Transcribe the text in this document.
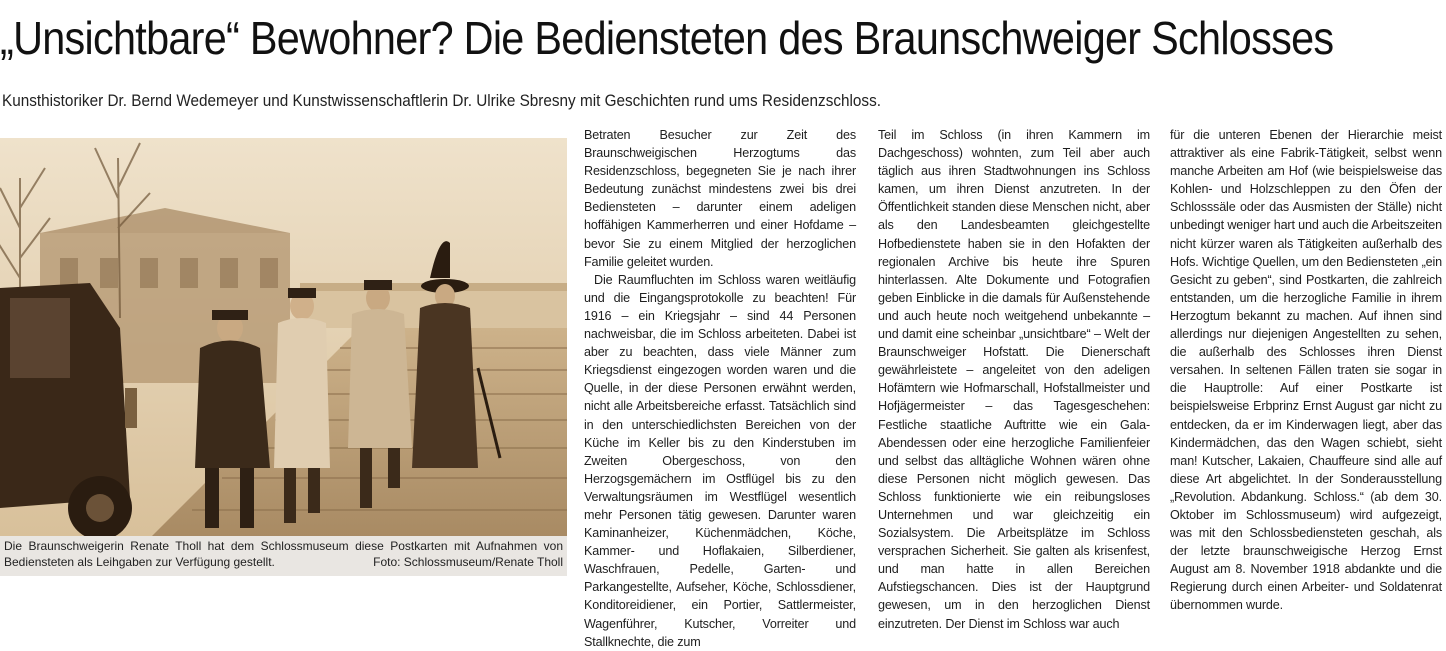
„Unsichtbare“ Bewohner? Die Bediensteten des Braunschweiger Schlosses

Kunsthistoriker Dr. Bernd Wedemeyer und Kunstwissenschaftlerin Dr. Ulrike Sbresny mit Geschichten rund ums Residenzschloss.

Die Braunschweigerin Renate Tholl hat dem Schlossmuseum diese Postkarten mit Aufnahmen von Bediensteten als Leihgaben zur Verfügung gestellt.	Foto: Schlossmuseum/Renate Tholl

Betraten Besucher zur Zeit des Braunschweigischen Herzogtums das Residenzschloss, begegneten Sie je nach ihrer Bedeutung zunächst mindestens zwei bis drei Bediensteten – darunter einem adeligen hoffähigen Kammerherren und einer Hofdame – bevor Sie zu einem Mitglied der herzoglichen Familie geleitet wurden.

Die Raumfluchten im Schloss waren weitläufig und die Eingangsprotokolle zu beachten! Für 1916 – ein Kriegsjahr – sind 44 Personen nachweisbar, die im Schloss arbeiteten. Dabei ist aber zu beachten, dass viele Männer zum Kriegsdienst eingezogen worden waren und die Quelle, in der diese Personen erwähnt werden, nicht alle Arbeitsbereiche erfasst. Tatsächlich sind in den unterschiedlichsten Bereichen von der Küche im Keller bis zu den Kinderstuben im Zweiten Obergeschoss, von den Herzogsgemächern im Ostflügel bis zu den Verwaltungsräumen im Westflügel wesentlich mehr Personen tätig gewesen. Darunter waren Kaminanheizer, Küchenmädchen, Köche, Kammer- und Hoflakaien, Silberdiener, Waschfrauen, Pedelle, Garten- und Parkangestellte, Aufseher, Köche, Schlossdiener, Konditoreidiener, ein Portier, Sattlermeister, Wagenführer, Kutscher, Vorreiter und Stallknechte, die zum

Teil im Schloss (in ihren Kammern im Dachgeschoss) wohnten, zum Teil aber auch täglich aus ihren Stadtwohnungen ins Schloss kamen, um ihren Dienst anzutreten. In der Öffentlichkeit standen diese Menschen nicht, aber als den Landesbeamten gleichgestellte Hofbedienstete haben sie in den Hofakten der regionalen Archive bis heute ihre Spuren hinterlassen. Alte Dokumente und Fotografien geben Einblicke in die damals für Außenstehende und auch heute noch weitgehend unbekannte – und damit eine scheinbar „unsichtbare“ – Welt der Braunschweiger Hofstatt. Die Dienerschaft gewährleistete – angeleitet von den adeligen Hofämtern wie Hofmarschall, Hofstallmeister und Hofjägermeister – das Tagesgeschehen: Festliche staatliche Auftritte wie ein Gala-Abendessen oder eine herzogliche Familienfeier und selbst das alltägliche Wohnen wären ohne diese Personen nicht möglich gewesen. Das Schloss funktionierte wie ein reibungsloses Unternehmen und war gleichzeitig ein Sozialsystem. Die Arbeitsplätze im Schloss versprachen Sicherheit. Sie galten als krisenfest, und man hatte in allen Bereichen Aufstiegschancen. Dies ist der Hauptgrund gewesen, um in den herzoglichen Dienst einzutreten. Der Dienst im Schloss war auch

für die unteren Ebenen der Hierarchie meist attraktiver als eine Fabrik-Tätigkeit, selbst wenn manche Arbeiten am Hof (wie beispielsweise das Kohlen- und Holzschleppen zu den Öfen der Schlosssäle oder das Ausmisten der Ställe) nicht unbedingt weniger hart und auch die Arbeitszeiten nicht kürzer waren als Tätigkeiten außerhalb des Hofs. Wichtige Quellen, um den Bediensteten „ein Gesicht zu geben“, sind Postkarten, die zahlreich entstanden, um die herzogliche Familie in ihrem Herzogtum bekannt zu machen. Auf ihnen sind allerdings nur diejenigen Angestellten zu sehen, die außerhalb des Schlosses ihren Dienst versahen. In seltenen Fällen traten sie sogar in die Hauptrolle: Auf einer Postkarte ist beispielsweise Erbprinz Ernst August gar nicht zu entdecken, da er im Kinderwagen liegt, aber das Kindermädchen, das den Wagen schiebt, sieht man! Kutscher, Lakaien, Chauffeure sind alle auf diese Art abgelichtet. In der Sonderausstellung „Revolution. Abdankung. Schloss.“ (ab dem 30. Oktober im Schlossmuseum) wird aufgezeigt, was mit den Schlossbediensteten geschah, als der letzte braunschweigische Herzog Ernst August am 8. November 1918 abdankte und die Regierung durch einen Arbeiter- und Soldatenrat übernommen wurde.
